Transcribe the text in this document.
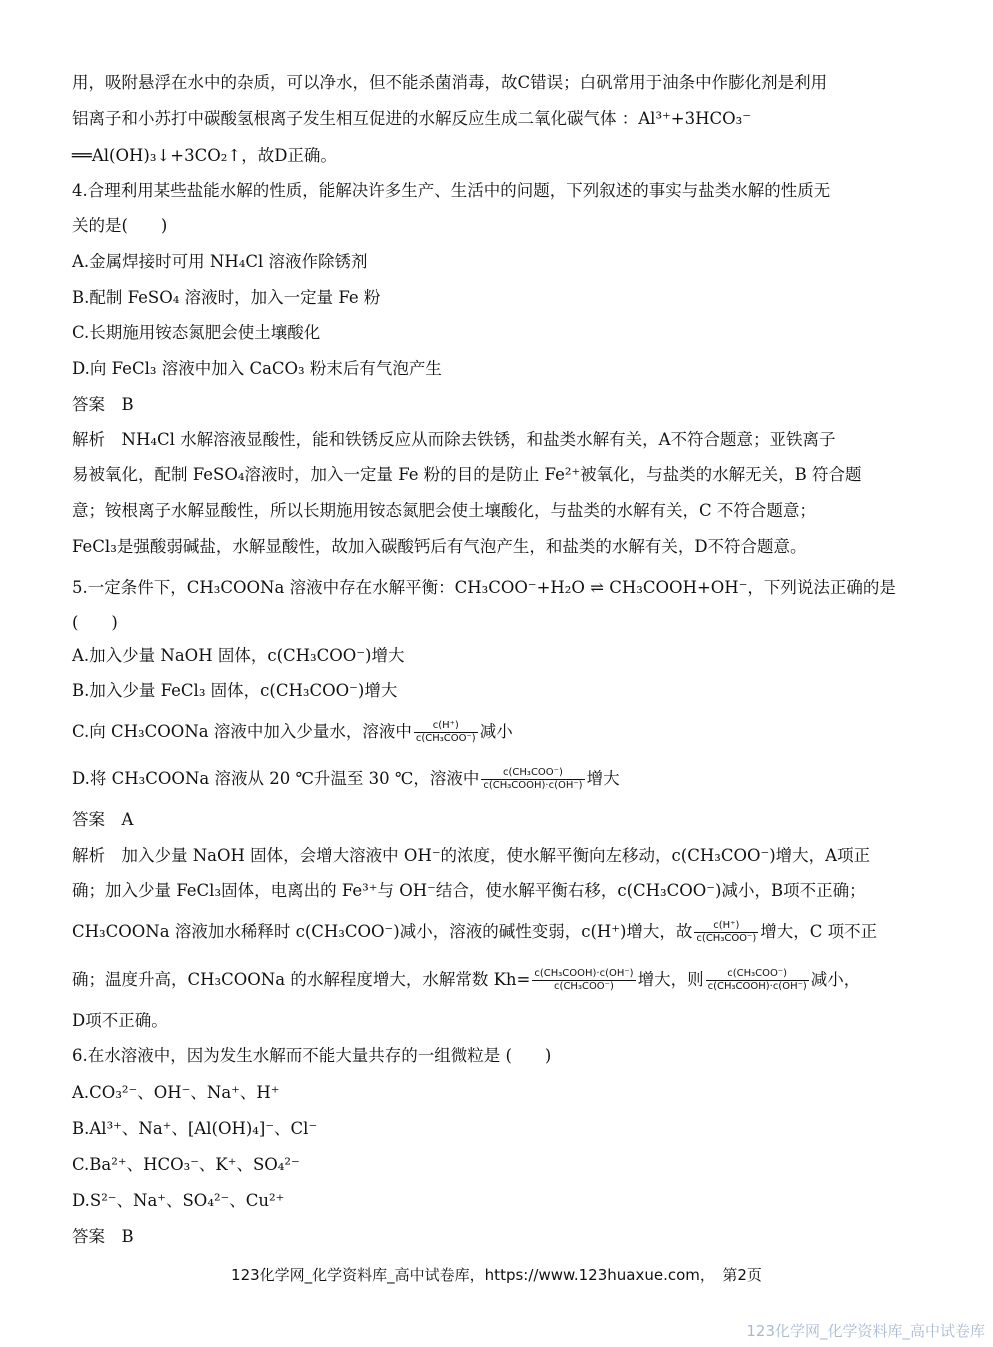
用，吸附悬浮在水中的杂质，可以净水，但不能杀菌消毒，故C错误；白矾常用于油条中作膨化剂是利用
铝离子和小苏打中碳酸氢根离子发生相互促进的水解反应生成二氧化碳气体 ：Al³⁺+3HCO₃⁻
══Al(OH)₃↓+3CO₂↑，故D正确。
4.合理利用某些盐能水解的性质，能解决许多生产、生活中的问题，下列叙述的事实与盐类水解的性质无
关的是(　　)
A.金属焊接时可用 NH₄Cl 溶液作除锈剂
B.配制 FeSO₄ 溶液时，加入一定量 Fe 粉
C.长期施用铵态氮肥会使土壤酸化
D.向 FeCl₃ 溶液中加入 CaCO₃ 粉末后有气泡产生
答案　B
解析　NH₄Cl 水解溶液显酸性，能和铁锈反应从而除去铁锈，和盐类水解有关，A不符合题意；亚铁离子
易被氧化，配制 FeSO₄溶液时，加入一定量 Fe 粉的目的是防止 Fe²⁺被氧化，与盐类的水解无关，B 符合题
意；铵根离子水解显酸性，所以长期施用铵态氮肥会使土壤酸化，与盐类的水解有关，C 不符合题意；
FeCl₃是强酸弱碱盐，水解显酸性，故加入碳酸钙后有气泡产生，和盐类的水解有关，D不符合题意。
5.一定条件下，CH₃COONa 溶液中存在水解平衡：CH₃COO⁻+H₂O ⇌ CH₃COOH+OH⁻，下列说法正确的是
(　　)
A.加入少量 NaOH 固体，c(CH₃COO⁻)增大
B.加入少量 FeCl₃ 固体，c(CH₃COO⁻)增大
C.向 CH₃COONa 溶液中加入少量水，溶液中 $\frac{c(H^+)}{\text{c(CH₃COO⁻)}}$ 减小
D.将 CH₃COONa 溶液从 20 ℃升温至 30 ℃，溶液中 $\frac{\text{c(CH₃COO⁻)}}{\text{c(CH₃COOH)·c(OH⁻)}}$ 增大
答案　A
解析　加入少量 NaOH 固体，会增大溶液中 OH⁻的浓度，使水解平衡向左移动，c(CH₃COO⁻)增大，A项正
确；加入少量 FeCl₃固体，电离出的 Fe³⁺与 OH⁻结合，使水解平衡右移，c(CH₃COO⁻)减小，B项不正确；
CH₃COONa 溶液加水稀释时 c(CH₃COO⁻)减小，溶液的碱性变弱，c(H⁺)增大，故 $\frac{c(H^+)}{\text{c(CH₃COO⁻)}}$ 增大，C 项不正
确；温度升高，CH₃COONa 的水解程度增大，水解常数 $Kh= \frac{\text{c(CH₃COOH)·c(OH⁻)}}{\text{c(CH₃COO⁻)}}$ 增大，则 $\frac{\text{c(CH₃COO⁻)}}{\text{c(CH₃COOH)·c(OH⁻)}}$ 减小，
D项不正确。
6.在水溶液中，因为发生水解而不能大量共存的一组微粒是 (　　)
A.CO₃²⁻、OH⁻、Na⁺、H⁺
B.Al³⁺、Na⁺、[Al(OH)₄]⁻、Cl⁻
C.Ba²⁺、HCO₃⁻、K⁺、SO₄²⁻
D.S²⁻、Na⁺、SO₄²⁻、Cu²⁺
答案　B
123化学网_化学资料库_高中试卷库，https://www.123huaxue.com，　第2页
123化学网_化学资料库_高中试卷库
